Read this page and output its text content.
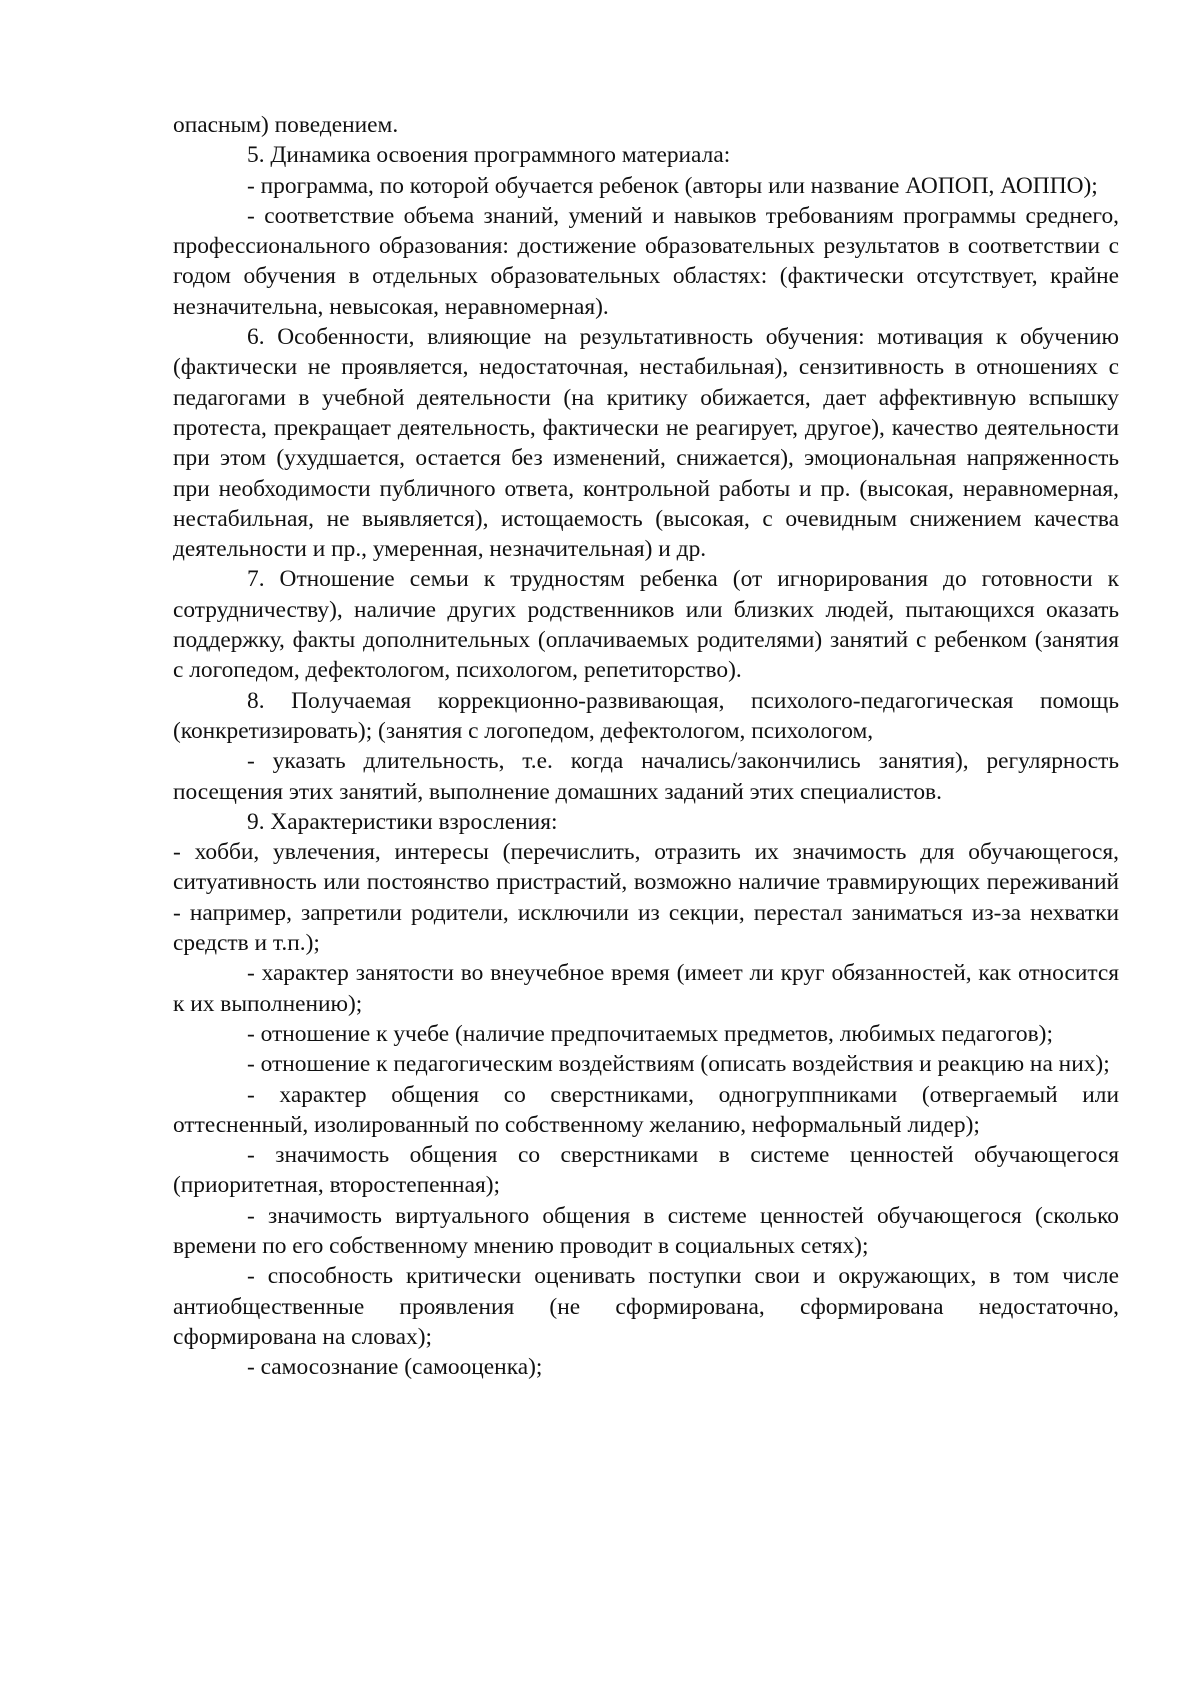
опасным) поведением.

5. Динамика освоения программного материала:

- программа, по которой обучается ребенок (авторы или название АОПОП, АОППО);

- соответствие объема знаний, умений и навыков требованиям программы среднего, профессионального образования: достижение образовательных результатов в соответствии с годом обучения в отдельных образовательных областях: (фактически отсутствует, крайне незначительна, невысокая, неравномерная).

6. Особенности, влияющие на результативность обучения: мотивация к обучению (фактически не проявляется, недостаточная, нестабильная), сензитивность в отношениях с педагогами в учебной деятельности (на критику обижается, дает аффективную вспышку протеста, прекращает деятельность, фактически не реагирует, другое), качество деятельности при этом (ухудшается, остается без изменений, снижается), эмоциональная напряженность при необходимости публичного ответа, контрольной работы и пр. (высокая, неравномерная, нестабильная, не выявляется), истощаемость (высокая, с очевидным снижением качества деятельности и пр., умеренная, незначительная) и др.

7. Отношение семьи к трудностям ребенка (от игнорирования до готовности к сотрудничеству), наличие других родственников или близких людей, пытающихся оказать поддержку, факты дополнительных (оплачиваемых родителями) занятий с ребенком (занятия с логопедом, дефектологом, психологом, репетиторство).

8. Получаемая коррекционно-развивающая, психолого-педагогическая помощь (конкретизировать); (занятия с логопедом, дефектологом, психологом,

- указать длительность, т.е. когда начались/закончились занятия), регулярность посещения этих занятий, выполнение домашних заданий этих специалистов.

9. Характеристики взросления:

- хобби, увлечения, интересы (перечислить, отразить их значимость для обучающегося, ситуативность или постоянство пристрастий, возможно наличие травмирующих переживаний - например, запретили родители, исключили из секции, перестал заниматься из-за нехватки средств и т.п.);

- характер занятости во внеучебное время (имеет ли круг обязанностей, как относится к их выполнению);

- отношение к учебе (наличие предпочитаемых предметов, любимых педагогов);

- отношение к педагогическим воздействиям (описать воздействия и реакцию на них);

- характер общения со сверстниками, одногруппниками (отвергаемый или оттесненный, изолированный по собственному желанию, неформальный лидер);

- значимость общения со сверстниками в системе ценностей обучающегося (приоритетная, второстепенная);

- значимость виртуального общения в системе ценностей обучающегося (сколько времени по его собственному мнению проводит в социальных сетях);

- способность критически оценивать поступки свои и окружающих, в том числе антиобщественные проявления (не сформирована, сформирована недостаточно, сформирована на словах);

- самосознание (самооценка);
